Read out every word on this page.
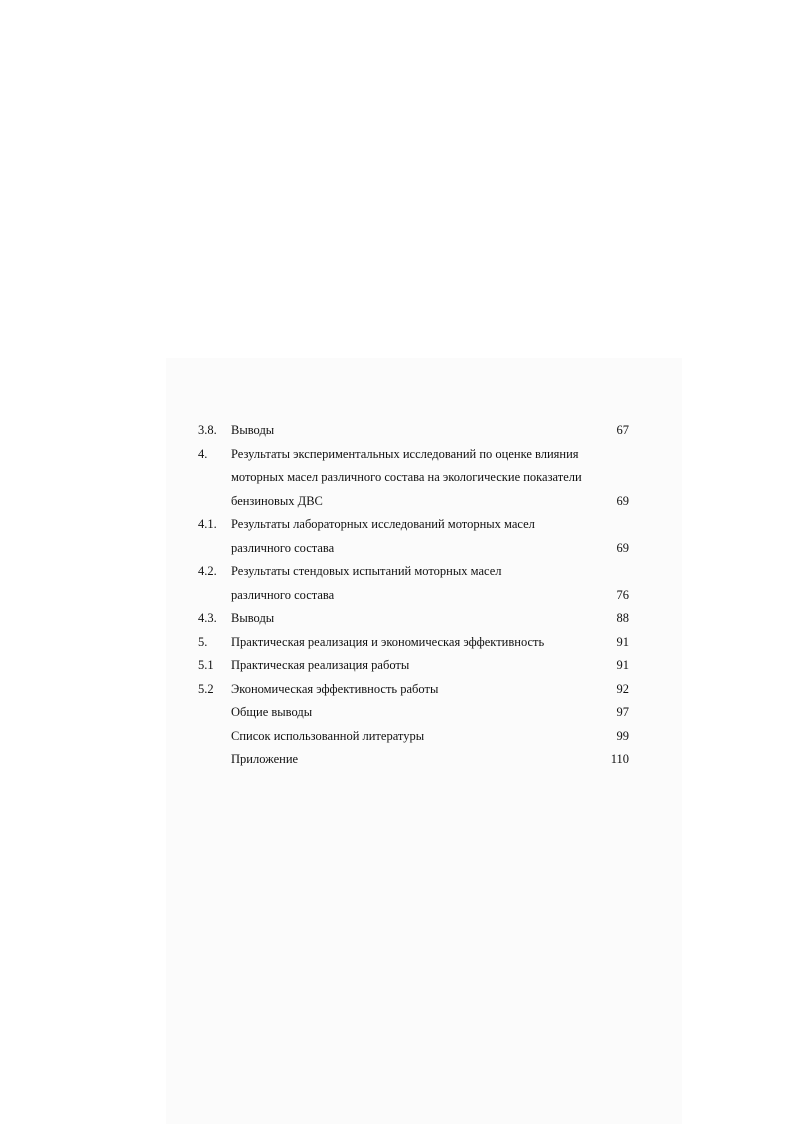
3.8. Выводы	67
4. Результаты экспериментальных исследований по оценке влияния
моторных масел различного состава на экологические показатели
бензиновых ДВС	69
4.1. Результаты лабораторных исследований моторных масел
различного состава	69
4.2. Результаты стендовых испытаний моторных масел
различного состава	76
4.3. Выводы	88
5. Практическая реализация и экономическая эффективность	91
5.1 Практическая реализация работы	91
5.2 Экономическая эффективность работы	92
Общие выводы	97
Список использованной литературы	99
Приложение	110
